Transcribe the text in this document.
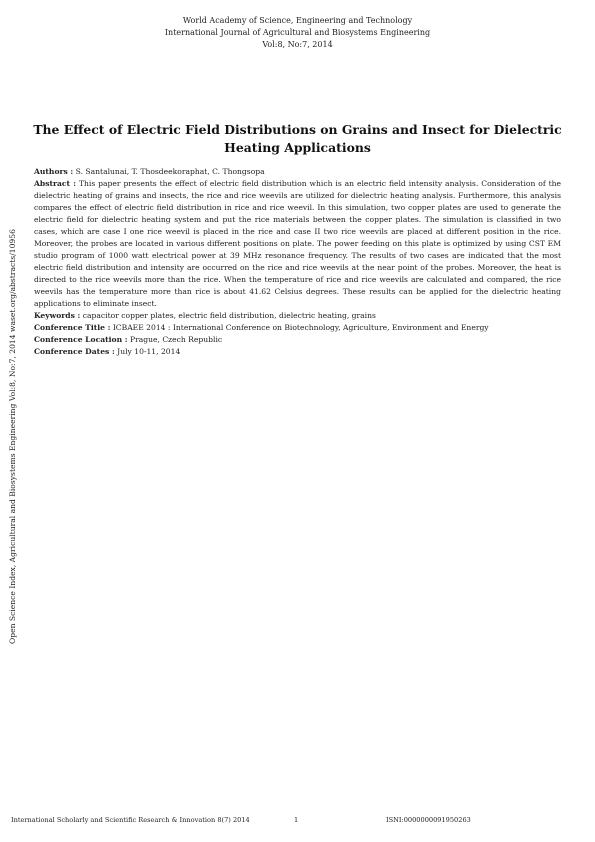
World Academy of Science, Engineering and Technology
International Journal of Agricultural and Biosystems Engineering
Vol:8, No:7, 2014
The Effect of Electric Field Distributions on Grains and Insect for Dielectric Heating Applications
Open Science Index, Agricultural and Biosystems Engineering Vol:8, No:7, 2014 waset.org/abstracts/10956

Authors : S. Santalunai, T. Thosdeekoraphat, C. Thongsopa

Abstract : This paper presents the effect of electric field distribution which is an electric field intensity analysis. Consideration of the dielectric heating of grains and insects, the rice and rice weevils are utilized for dielectric heating analysis. Furthermore, this analysis compares the effect of electric field distribution in rice and rice weevil. In this simulation, two copper plates are used to generate the electric field for dielectric heating system and put the rice materials between the copper plates. The simulation is classified in two cases, which are case I one rice weevil is placed in the rice and case II two rice weevils are placed at different position in the rice. Moreover, the probes are located in various different positions on plate. The power feeding on this plate is optimized by using CST EM studio program of 1000 watt electrical power at 39 MHz resonance frequency. The results of two cases are indicated that the most electric field distribution and intensity are occurred on the rice and rice weevils at the near point of the probes. Moreover, the heat is directed to the rice weevils more than the rice. When the temperature of rice and rice weevils are calculated and compared, the rice weevils has the temperature more than rice is about 41.62 Celsius degrees. These results can be applied for the dielectric heating applications to eliminate insect.

Keywords : capacitor copper plates, electric field distribution, dielectric heating, grains

Conference Title : ICBAEE 2014 : International Conference on Biotechnology, Agriculture, Environment and Energy

Conference Location : Prague, Czech Republic

Conference Dates : July 10-11, 2014

International Scholarly and Scientific Research & Innovation 8(7) 2014	1	ISNI:0000000091950263
